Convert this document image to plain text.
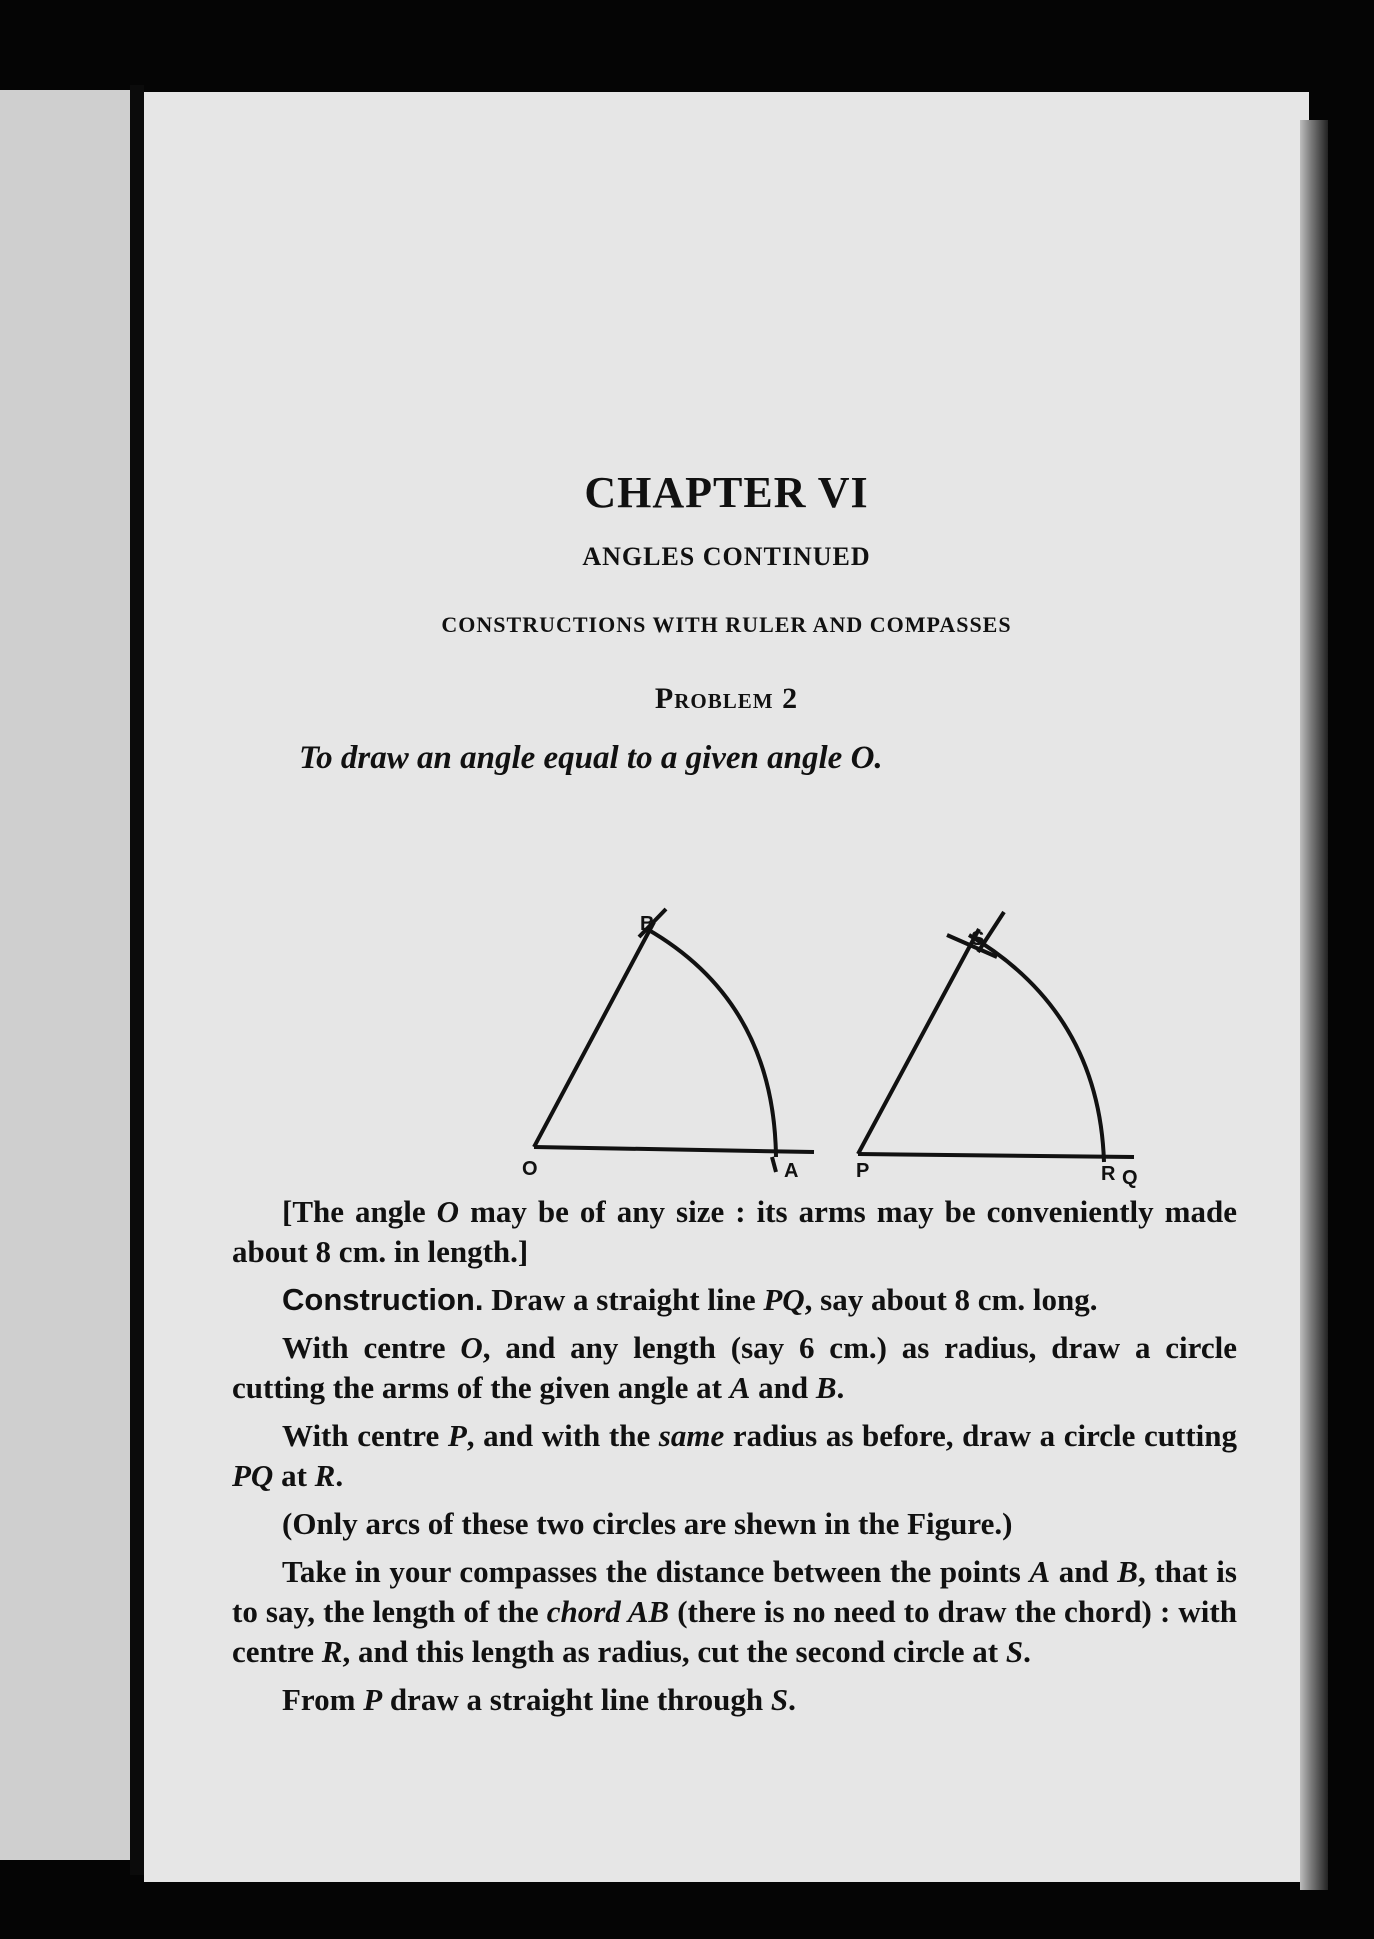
CHAPTER VI
ANGLES CONTINUED
CONSTRUCTIONS WITH RULER AND COMPASSES
Problem 2
To draw an angle equal to a given angle O.
O	A
B
P	R Q
S

[The angle O may be of any size : its arms may be conveniently made about 8 cm. in length.]

Construction. Draw a straight line PQ, say about 8 cm. long.

With centre O, and any length (say 6 cm.) as radius, draw a circle cutting the arms of the given angle at A and B.

With centre P, and with the same radius as before, draw a circle cutting PQ at R.

(Only arcs of these two circles are shewn in the Figure.)

Take in your compasses the distance between the points A and B, that is to say, the length of the chord AB (there is no need to draw the chord) : with centre R, and this length as radius, cut the second circle at S.

From P draw a straight line through S.
